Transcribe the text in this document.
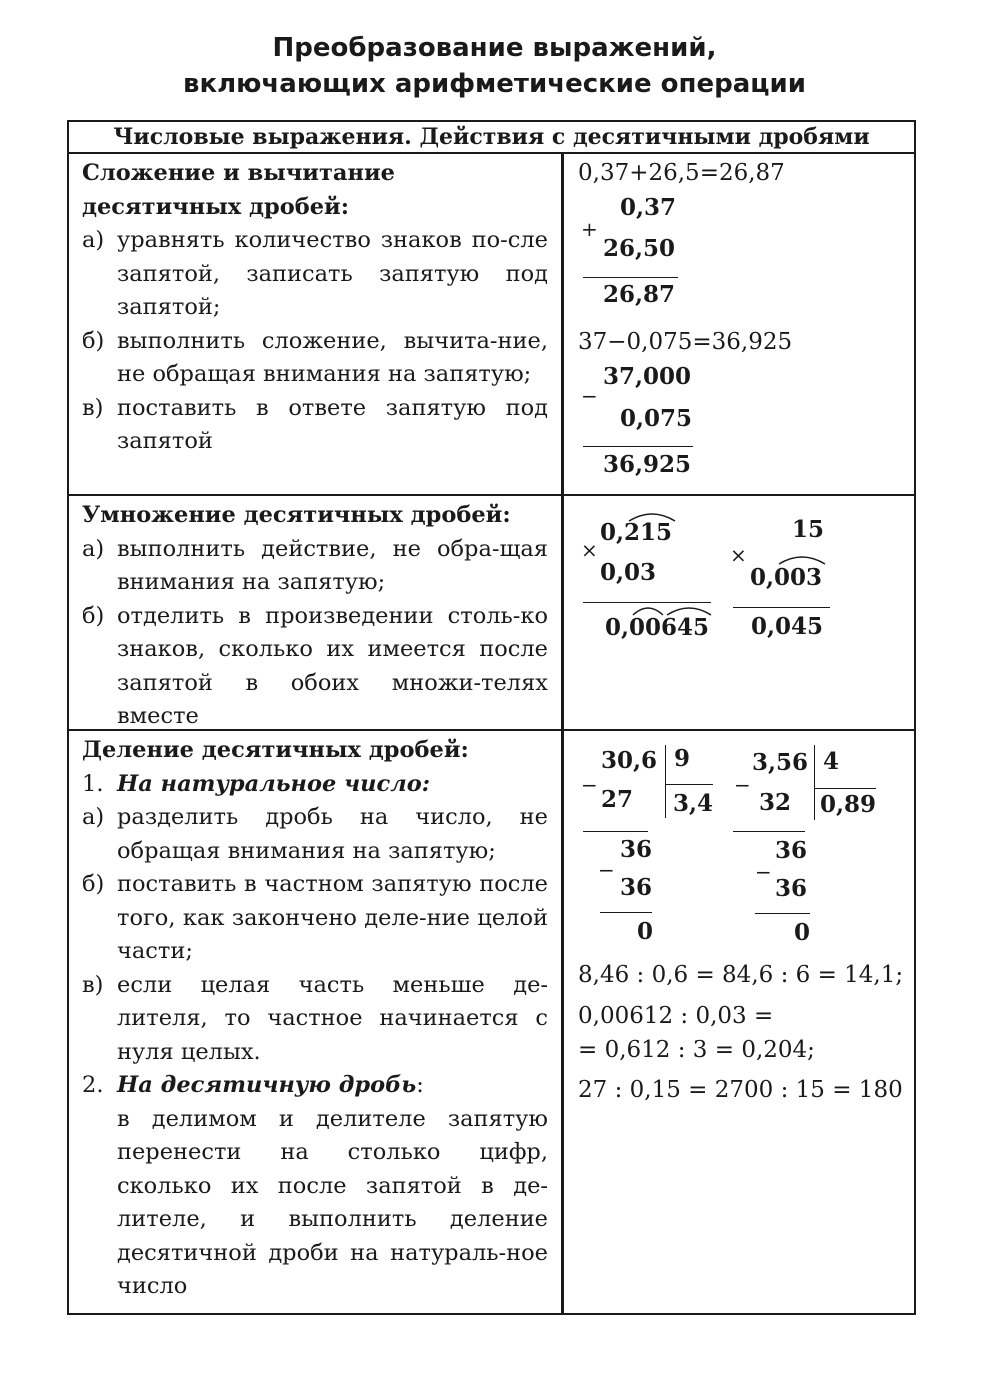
Преобразование выражений,
включающих арифметические операции
Числовые выражения. Действия с десятичными дробями
Сложение и вычитание
десятичных дробей:
а) уравнять количество знаков по-сле запятой, записать запятую под запятой;
б) выполнить сложение, вычита-ние, не обращая внимания на запятую;
в) поставить в ответе запятую под запятой
0,37+26,5=26,87
+
0,37
26,50
26,87
37−0,075=36,925
−
37,000
0,075
36,925
Умножение десятичных дробей:
а) выполнить действие, не обра-щая внимания на запятую;
б) отделить в произведении столь-ко знаков, сколько их имеется после запятой в обоих множи-телях вместе
×
0,215
0,03
0,00645
×
15
0,003
0,045
Деление десятичных дробей:
1. На натуральное число:
а) разделить дробь на число, не обращая внимания на запятую;
б) поставить в частном запятую после того, как закончено деле-ние целой части;
в) если целая часть меньше де-лителя, то частное начинается с нуля целых.
2. На десятичную дробь:
в делимом и делителе запятую перенести на столько цифр, сколько их после запятой в де-лителе, и выполнить деление десятичной дроби на натураль-ное число
−
30,6
27
9
3,4
−
36
36
0
−
3,56
32
4
0,89
−
36
36
0
8,46 : 0,6 = 84,6 : 6 = 14,1;
0,00612 : 0,03 =
= 0,612 : 3 = 0,204;
27 : 0,15 = 2700 : 15 = 180
